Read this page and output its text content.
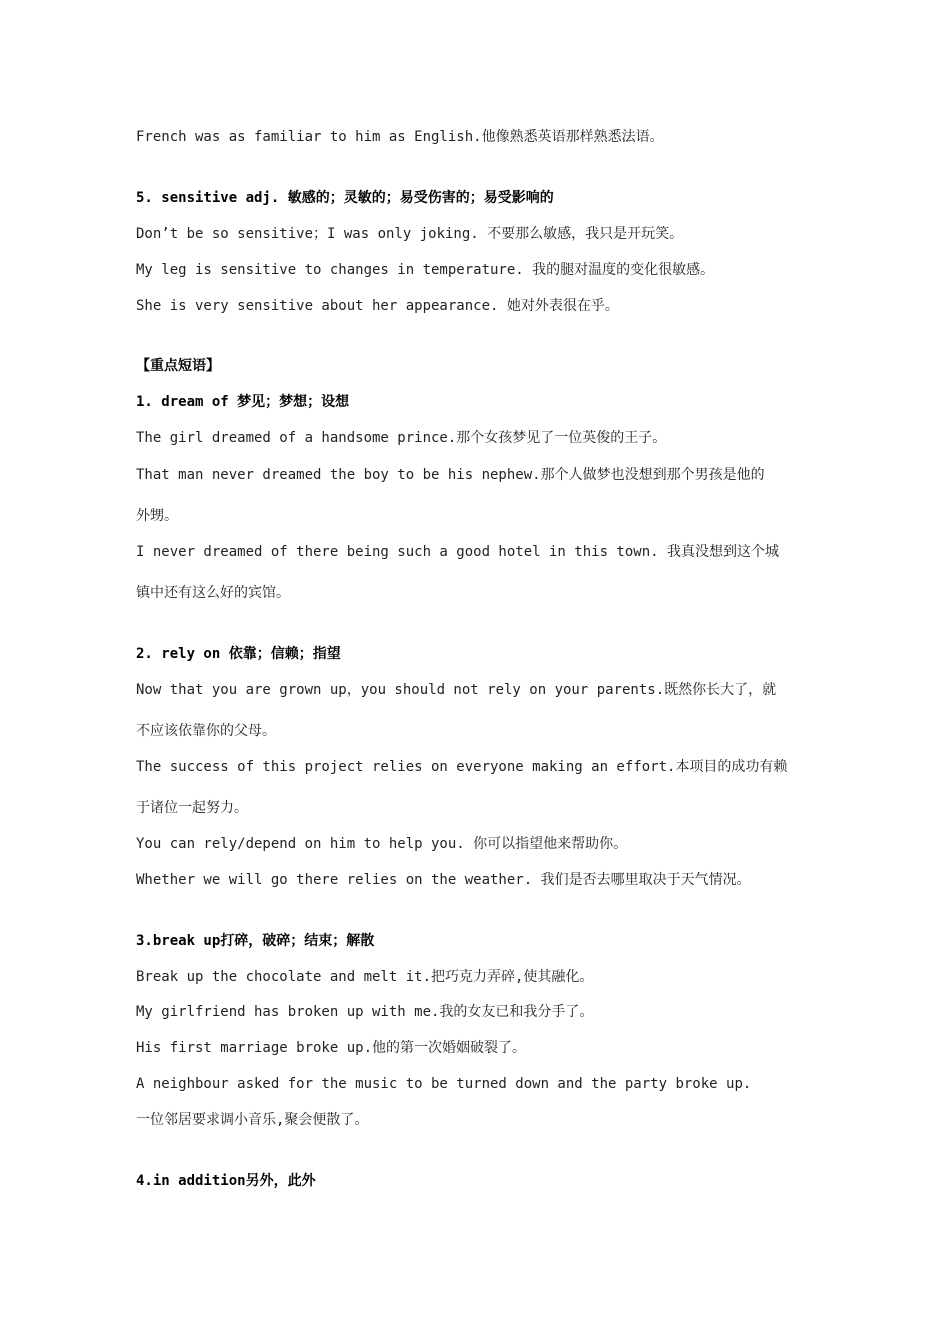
French was as familiar to him as English.他像熟悉英语那样熟悉法语。
5. sensitive adj. 敏感的；灵敏的；易受伤害的；易受影响的
Don’t be so sensitive；I was only joking. 不要那么敏感，我只是开玩笑。
My leg is sensitive to changes in temperature. 我的腿对温度的变化很敏感。
She is very sensitive about her appearance. 她对外表很在乎。
【重点短语】
1. dream of 梦见；梦想；设想
The girl dreamed of a handsome prince.那个女孩梦见了一位英俊的王子。
That man never dreamed the boy to be his nephew.那个人做梦也没想到那个男孩是他的
外甥。
I never dreamed of there being such a good hotel in this town. 我真没想到这个城
镇中还有这么好的宾馆。
2. rely on 依靠；信赖；指望
Now that you are grown up，you should not rely on your parents.既然你长大了，就
不应该依靠你的父母。
The success of this project relies on everyone making an effort.本项目的成功有赖
于诸位一起努力。
You can rely/depend on him to help you. 你可以指望他来帮助你。
Whether we will go there relies on the weather. 我们是否去哪里取决于天气情况。
3.break up打碎，破碎；结束；解散
Break up the chocolate and melt it.把巧克力弄碎,使其融化。
My girlfriend has broken up with me.我的女友已和我分手了。
His first marriage broke up.他的第一次婚姻破裂了。
A neighbour asked for the music to be turned down and the party broke up.
一位邻居要求调小音乐,聚会便散了。
4.in addition另外，此外
